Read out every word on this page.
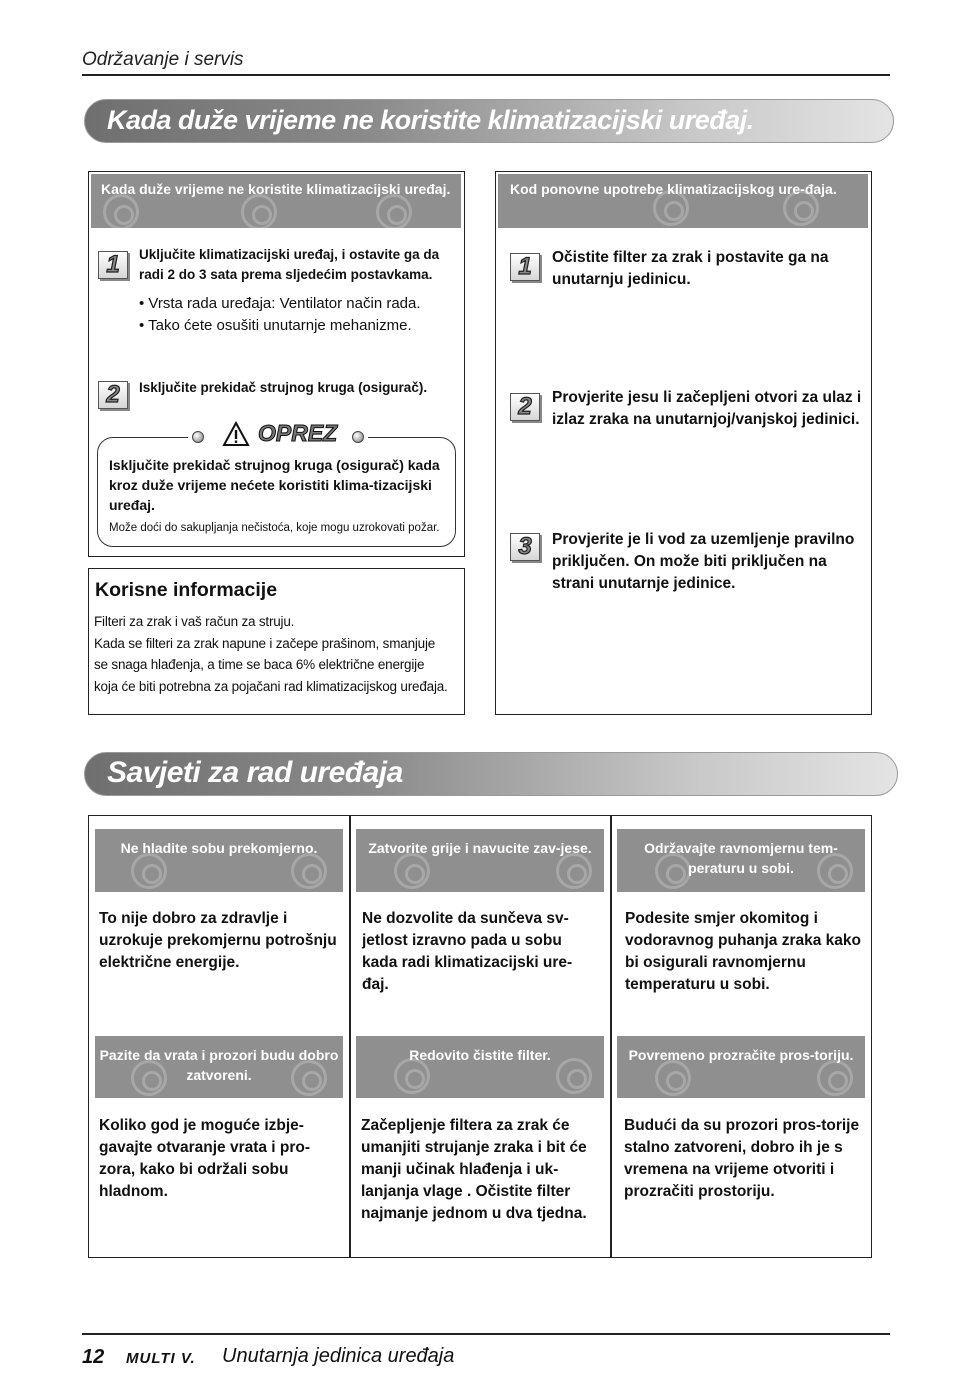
Održavanje i servis
Kada duže vrijeme ne koristite klimatizacijski uređaj.
Kada duže vrijeme ne koristite klimatizacijski uređaj.
1	Uključite klimatizacijski uređaj, i ostavite ga da radi 2 do 3 sata prema sljedećim postavkama.
• Vrsta rada uređaja: Ventilator način rada.
• Tako ćete osušiti unutarnje mehanizme.
2	Isključite prekidač strujnog kruga (osigurač).
Isključite prekidač strujnog kruga (osigurač) kada kroz duže vrijeme nećete koristiti klima-tizacijski uređaj.
Može doći do sakupljanja nečistoća, koje mogu uzrokovati požar.
OPREZ
Korisne informacije
Filteri za zrak i vaš račun za struju.
Kada se filteri za zrak napune i začepe prašinom, smanjuje
se snaga hlađenja, a time se baca 6% električne energije
koja će biti potrebna za pojačani rad klimatizacijskog uređaja.
Kod ponovne upotrebe klimatizacijskog ure-đaja.
1	Očistite filter za zrak i postavite ga na unutarnju jedinicu.
2	Provjerite jesu li začepljeni otvori za ulaz i izlaz zraka na unutarnjoj/vanjskoj jedinici.
3	Provjerite je li vod za uzemljenje pravilno priključen. On može biti priključen na strani unutarnje jedinice.
Savjeti za rad uređaja
Ne hladite sobu prekomjerno.	Zatvorite grije i navucite zav-jese.	Održavajte ravnomjernu tem-peraturu u sobi.
To nije dobro za zdravlje i uzrokuje prekomjernu potrošnju električne energije.
Ne dozvolite da sunčeva sv-jetlost izravno pada u sobu kada radi klimatizacijski ure-đaj.
Podesite smjer okomitog i vodoravnog puhanja zraka kako bi osigurali ravnomjernu temperaturu u sobi.
Pazite da vrata i prozori budu dobro zatvoreni.
Redovito čistite filter.	Povremeno prozračite pros-toriju.
Koliko god je moguće izbje-gavajte otvaranje vrata i pro-zora, kako bi održali sobu hladnom.
Začepljenje filtera za zrak će umanjiti strujanje zraka i bit će manji učinak hlađenja i uk-lanjanja vlage . Očistite filter najmanje jednom u dva tjedna.
Budući da su prozori pros-torije stalno zatvoreni, dobro ih je s vremena na vrijeme otvoriti i prozračiti prostoriju.
12 MULTI V. Unutarnja jedinica uređaja
